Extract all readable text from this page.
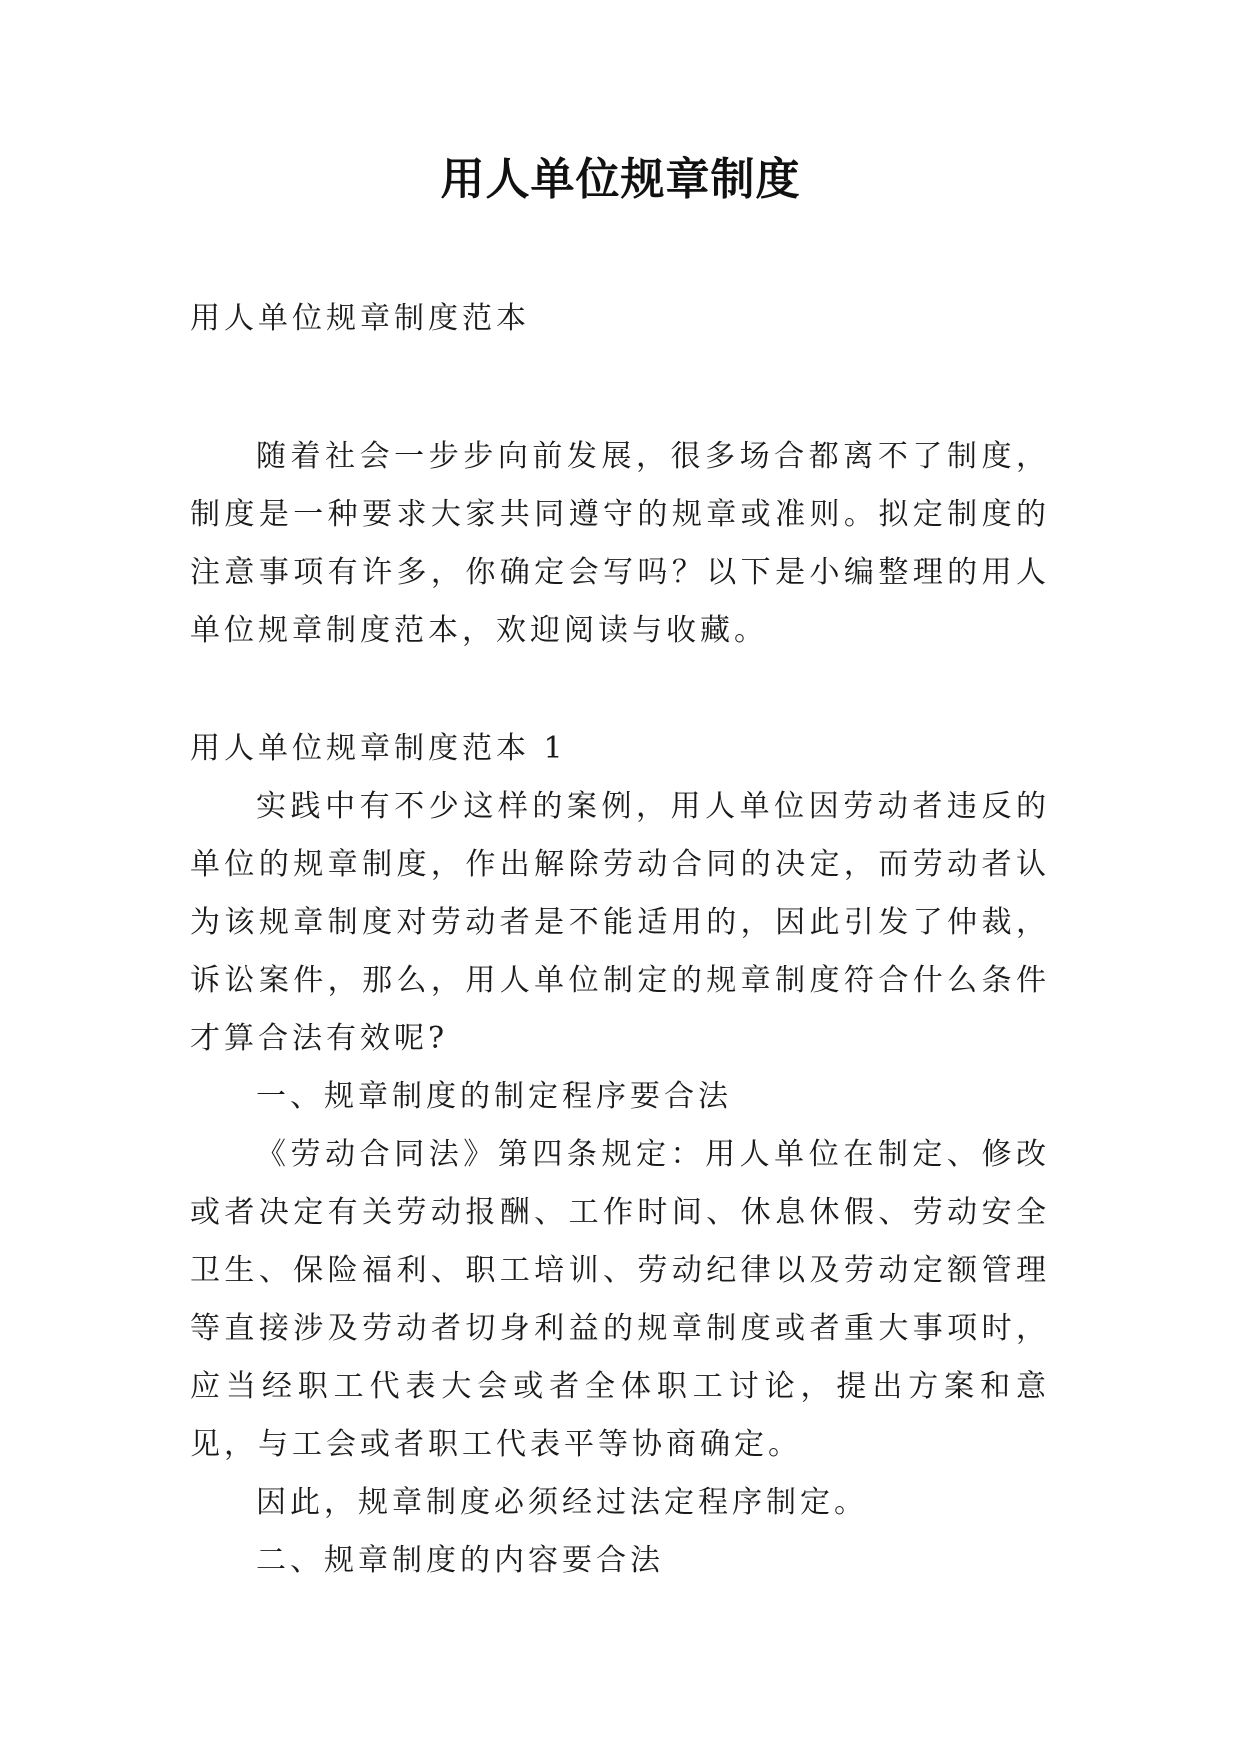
用人单位规章制度

用人单位规章制度范本

随着社会一步步向前发展，很多场合都离不了制度，制度是一种要求大家共同遵守的规章或准则。拟定制度的注意事项有许多，你确定会写吗？以下是小编整理的用人单位规章制度范本，欢迎阅读与收藏。

用人单位规章制度范本 1

实践中有不少这样的案例，用人单位因劳动者违反的单位的规章制度，作出解除劳动合同的决定，而劳动者认为该规章制度对劳动者是不能适用的，因此引发了仲裁，诉讼案件，那么，用人单位制定的规章制度符合什么条件才算合法有效呢?

一、规章制度的制定程序要合法

《劳动合同法》第四条规定：用人单位在制定、修改或者决定有关劳动报酬、工作时间、休息休假、劳动安全卫生、保险福利、职工培训、劳动纪律以及劳动定额管理等直接涉及劳动者切身利益的规章制度或者重大事项时，应当经职工代表大会或者全体职工讨论，提出方案和意见，与工会或者职工代表平等协商确定。

因此，规章制度必须经过法定程序制定。

二、规章制度的内容要合法
